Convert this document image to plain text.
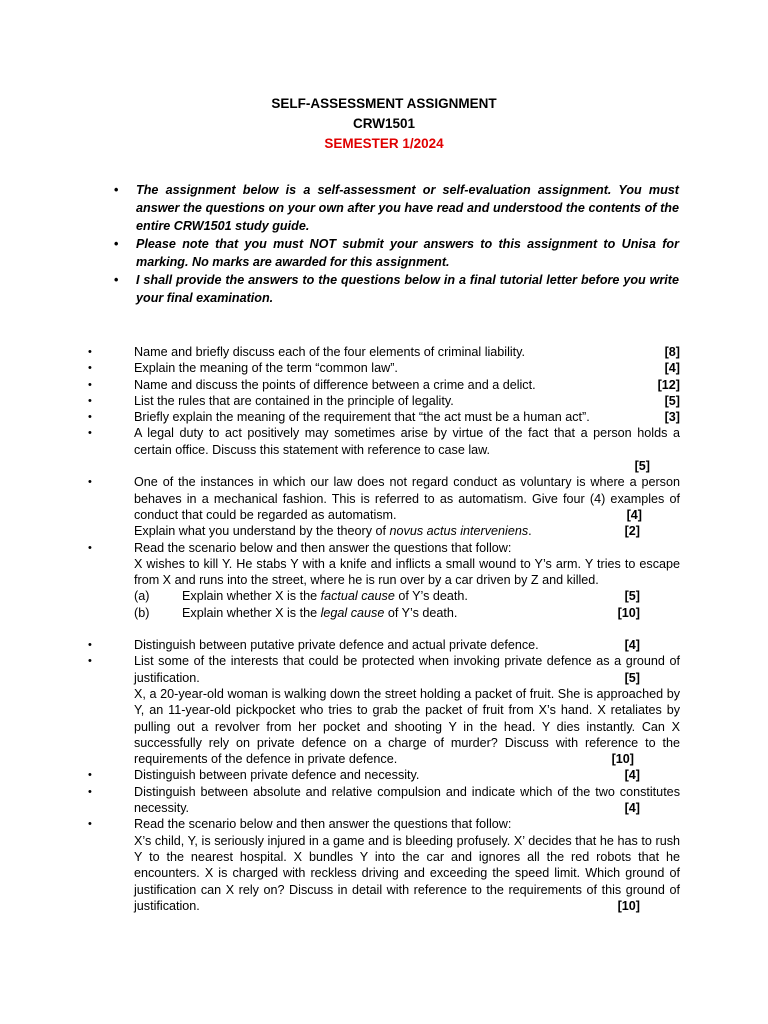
SELF-ASSESSMENT ASSIGNMENT
CRW1501
SEMESTER 1/2024
• The assignment below is a self-assessment or self-evaluation assignment. You must answer the questions on your own after you have read and understood the contents of the entire CRW1501 study guide.
• Please note that you must NOT submit your answers to this assignment to Unisa for marking. No marks are awarded for this assignment.
• I shall provide the answers to the questions below in a final tutorial letter before you write your final examination.
• Name and briefly discuss each of the four elements of criminal liability.	[8]
• Explain the meaning of the term “common law”.	[4]
• Name and discuss the points of difference between a crime and a delict.	[12]
• List the rules that are contained in the principle of legality.	[5]
• Briefly explain the meaning of the requirement that “the act must be a human act”.	[3]
• A legal duty to act positively may sometimes arise by virtue of the fact that a person holds a certain office. Discuss this statement with reference to case law.
[5]
• One of the instances in which our law does not regard conduct as voluntary is where a person behaves in a mechanical fashion. This is referred to as automatism. Give four (4) examples of conduct that could be regarded as automatism.	[4]
Explain what you understand by the theory of novus actus interveniens.	[2]
• Read the scenario below and then answer the questions that follow:
X wishes to kill Y. He stabs Y with a knife and inflicts a small wound to Y’s arm. Y tries to escape from X and runs into the street, where he is run over by a car driven by Z and killed.
(a)	Explain whether X is the factual cause of Y’s death.	[5]
(b)	Explain whether X is the legal cause of Y’s death.	[10]
• Distinguish between putative private defence and actual private defence.	[4]
• List some of the interests that could be protected when invoking private defence as a ground of justification.	[5]
X, a 20-year-old woman is walking down the street holding a packet of fruit. She is approached by Y, an 11-year-old pickpocket who tries to grab the packet of fruit from X’s hand. X retaliates by pulling out a revolver from her pocket and shooting Y in the head. Y dies instantly. Can X successfully rely on private defence on a charge of murder? Discuss with reference to the requirements of the defence in private defence.	[10]
• Distinguish between private defence and necessity.	[4]
• Distinguish between absolute and relative compulsion and indicate which of the two constitutes necessity.	[4]
• Read the scenario below and then answer the questions that follow:
X’s child, Y, is seriously injured in a game and is bleeding profusely. X’ decides that he has to rush Y to the nearest hospital. X bundles Y into the car and ignores all the red robots that he encounters. X is charged with reckless driving and exceeding the speed limit. Which ground of justification can X rely on? Discuss in detail with reference to the requirements of this ground of justification.	[10]
